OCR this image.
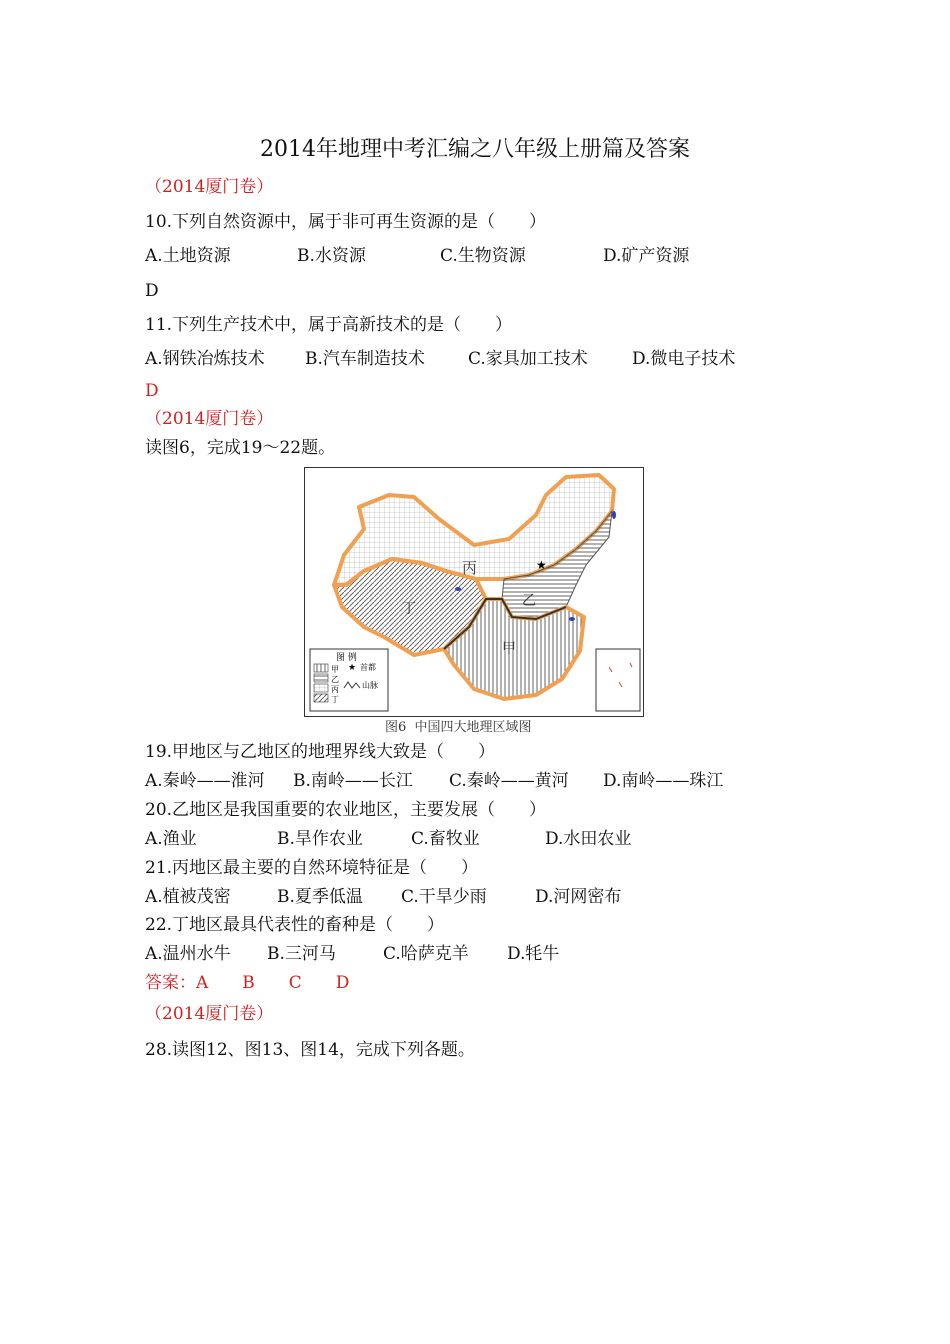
2014年地理中考汇编之八年级上册篇及答案
（2014厦门卷）
10.下列自然资源中，属于非可再生资源的是（　　）
A.土地资源	B.水资源	C.生物资源	D.矿产资源
D
11.下列生产技术中，属于高新技术的是（　　）
A.钢铁冶炼技术 B.汽车制造技术	C.家具加工技术	D.微电子技术
D
（2014厦门卷）
读图6，完成19～22题。
★
丙
乙
丁
甲
图 例
甲
乙
丙
丁
★ 首都
山脉
图6  中国四大地理区域图
19.甲地区与乙地区的地理界线大致是（　　）
A.秦岭——淮河 B.南岭——长江 C.秦岭——黄河 D.南岭——珠江
20.乙地区是我国重要的农业地区，主要发展（　　）
A.渔业	B.旱作农业	C.畜牧业	D.水田农业
21.丙地区最主要的自然环境特征是（　　）
A.植被茂密	B.夏季低温 C.干旱少雨	D.河网密布
22.丁地区最具代表性的畜种是（　　）
A.温州水牛 B.三河马	C.哈萨克羊 D.牦牛
答案：A　　B　　C　　D
（2014厦门卷）
28.读图12、图13、图14，完成下列各题。
